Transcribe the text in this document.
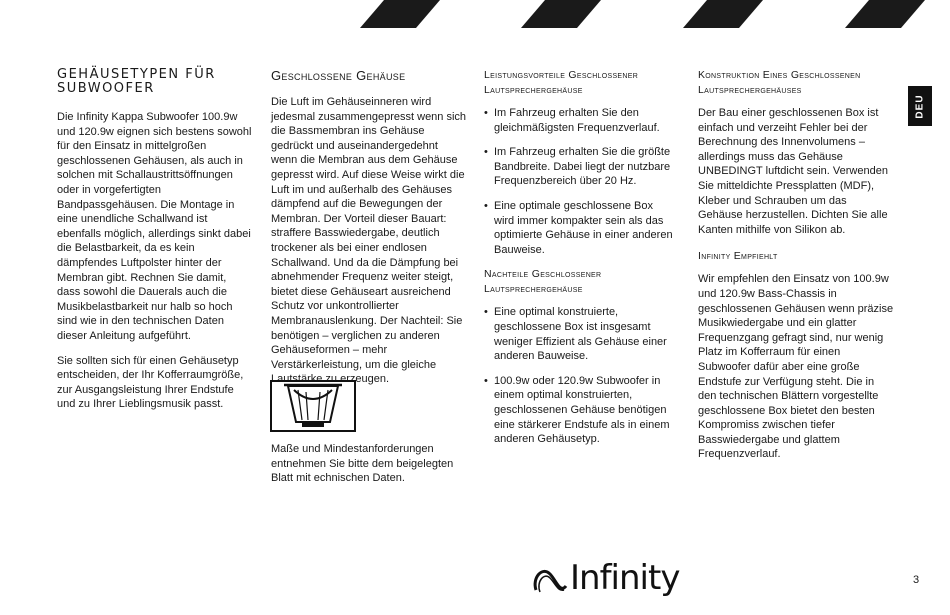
GEHÄUSETYPEN FÜR SUBWOOFER

Die Infinity Kappa Subwoofer 100.9w und 120.9w eignen sich bestens sowohl für den Einsatz in mittelgroßen geschlossenen Gehäusen, als auch in solchen mit Schallaustrittsöffnungen oder in vorgefertigten Bandpassgehäusen. Die Montage in eine unendliche Schallwand ist ebenfalls möglich, allerdings sinkt dabei die Belastbarkeit, da es kein dämpfendes Luftpolster hinter der Membran gibt. Rechnen Sie damit, dass sowohl die Dauerals auch die Musikbelastbarkeit nur halb so hoch sind wie in den technischen Daten dieser Anleitung aufgeführt.

Sie sollten sich für einen Gehäusetyp entscheiden, der Ihr Kofferraumgröße, zur Ausgangsleistung Ihrer Endstufe und zu Ihrer Lieblingsmusik passt.

Geschlossene Gehäuse

Die Luft im Gehäuseinneren wird jedesmal zusammengepresst wenn sich die Bassmembran ins Gehäuse gedrückt und auseinandergedehnt wenn die Membran aus dem Gehäuse gepresst wird. Auf diese Weise wirkt die Luft im und außerhalb des Gehäuses dämpfend auf die Bewegungen der Membran. Der Vorteil dieser Bauart: straffere Basswiedergabe, deutlich trockener als bei einer endlosen Schallwand. Und da die Dämpfung bei abnehmender Frequenz weiter steigt, bietet diese Gehäuseart ausreichend Schutz vor unkontrollierter Membranauslenkung. Der Nachteil: Sie benötigen – verglichen zu anderen Gehäuseformen – mehr Verstärkerleistung, um die gleiche Lautstärke zu erzeugen.

Maße und Mindestanforderungen entnehmen Sie bitte dem beigelegten Blatt mit echnischen Daten.

Leistungsvorteile Geschlossener
Lautsprechergehäuse
• Im Fahrzeug erhalten Sie den gleichmäßigsten Frequenzverlauf.
• Im Fahrzeug erhalten Sie die größte Bandbreite. Dabei liegt der nutzbare Frequenzbereich über 20 Hz.
• Eine optimale geschlossene Box wird immer kompakter sein als das optimierte Gehäuse in einer anderen Bauweise.
Nachteile Geschlossener
Lautsprechergehäuse
• Eine optimal konstruierte, geschlossene Box ist insgesamt weniger Effizient als Gehäuse einer anderen Bauweise.
• 100.9w oder 120.9w Subwoofer in einem optimal konstruierten, geschlossenen Gehäuse benötigen eine stärkerer Endstufe als in einem anderen Gehäusetyp.
Konstruktion Eines Geschlossenen
Lautsprechergehäuses

Der Bau einer geschlossenen Box ist einfach und verzeiht Fehler bei der Berechnung des Innenvolumens – allerdings muss das Gehäuse UNBEDINGT luftdicht sein. Verwenden Sie mitteldichte Pressplatten (MDF), Kleber und Schrauben um das Gehäuse herzustellen. Dichten Sie alle Kanten mithilfe von Silikon ab.

Infinity Empfiehlt

Wir empfehlen den Einsatz von 100.9w und 120.9w Bass-Chassis in geschlossenen Gehäusen wenn präzise Musikwiedergabe und ein glatter Frequenzgang gefragt sind, nur wenig Platz im Kofferraum für einen Subwoofer dafür aber eine große Endstufe zur Verfügung steht. Die in den technischen Blättern vorgestellte geschlossene Box bietet den besten Kompromiss zwischen tiefer Basswiedergabe und glattem Frequenzverlauf.

DEU
Infinity	3
